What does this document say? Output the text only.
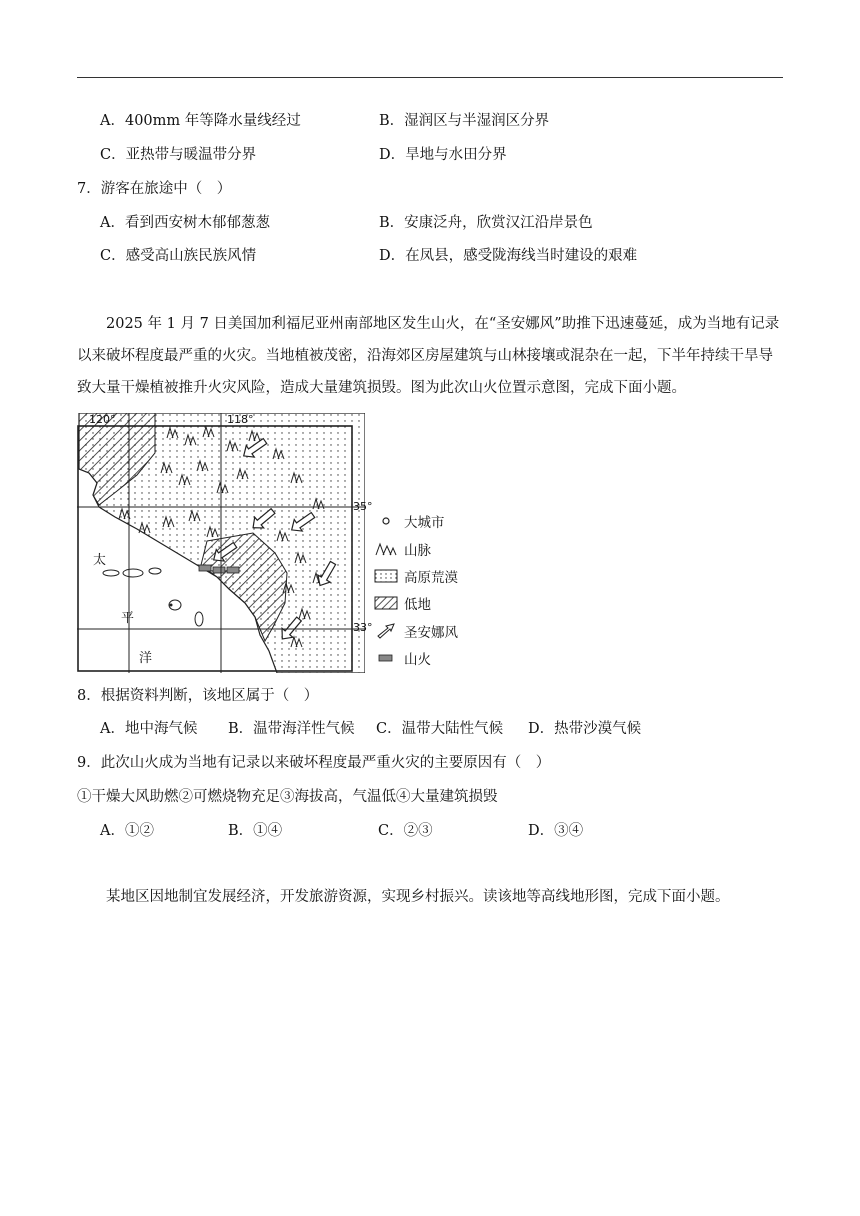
A．400mm 年等降水量线经过	B．湿润区与半湿润区分界
C．亚热带与暖温带分界	D．旱地与水田分界
7．游客在旅途中（　）
A．看到西安树木郁郁葱葱	B．安康泛舟，欣赏汉江沿岸景色
C．感受高山族民族风情	D．在凤县，感受陇海线当时建设的艰难
2025 年 1 月 7 日美国加利福尼亚州南部地区发生山火，在“圣安娜风”助推下迅速蔓延，成为当地有记录以来破坏程度最严重的火灾。当地植被茂密，沿海郊区房屋建筑与山林接壤或混杂在一起，下半年持续干旱导致大量干燥植被推升火灾风险，造成大量建筑损毁。图为此次山火位置示意图，完成下面小题。
120°	118°
35°
33°
太
平
洋
大城市
山脉
高原荒漠
低地
圣安娜风
山火
8．根据资料判断，该地区属于（　）
A．地中海气候 B．温带海洋性气候 C．温带大陆性气候 D．热带沙漠气候
9．此次山火成为当地有记录以来破坏程度最严重火灾的主要原因有（　）
①干燥大风助燃②可燃烧物充足③海拔高，气温低④大量建筑损毁
A．①②	B．①④	C．②③	D．③④
某地区因地制宜发展经济，开发旅游资源，实现乡村振兴。读该地等高线地形图，完成下面小题。
